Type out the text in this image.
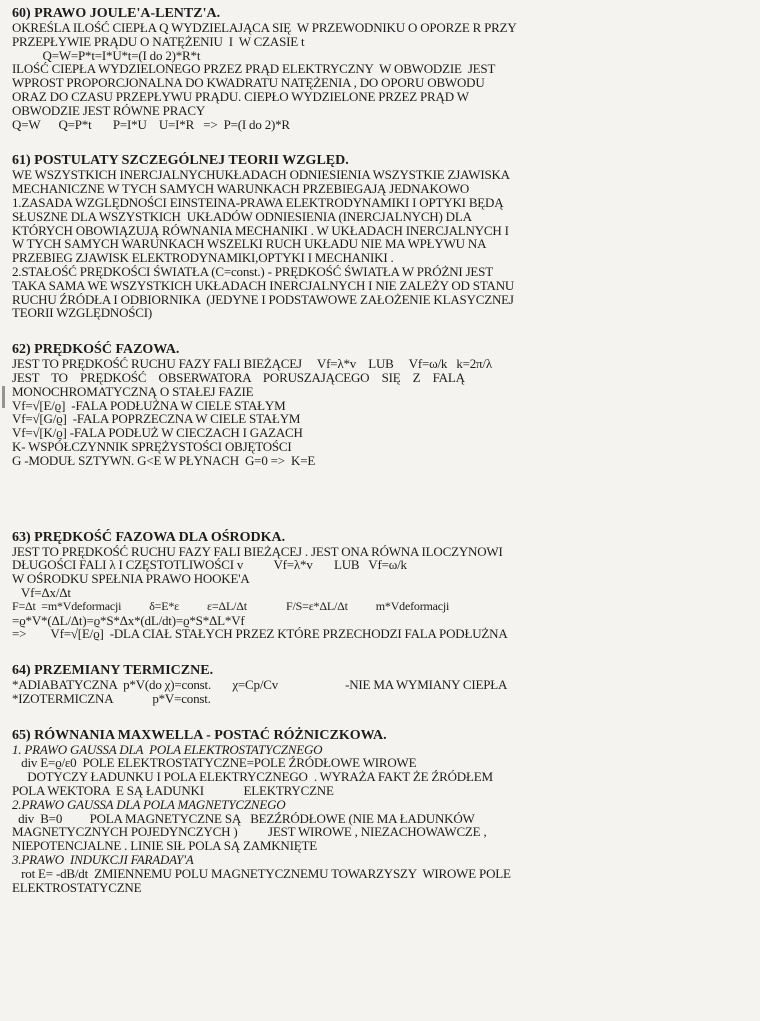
60) PRAWO JOULE'A-LENTZ'A.

OKREŚLA ILOŚĆ CIEPŁA Q WYDZIELAJĄCA SIĘ  W PRZEWODNIKU O OPORZE R PRZY

PRZEPŁYWIE PRĄDU O NATĘŻENIU  I  W CZASIE t

Q=W=P*t=I*U*t=(I do 2)*R*t

ILOŚĆ CIEPŁA WYDZIELONEGO PRZEZ PRĄD ELEKTRYCZNY  W OBWODZIE  JEST

WPROST PROPORCJONALNA DO KWADRATU NATĘŻENIA , DO OPORU OBWODU

ORAZ DO CZASU PRZEPŁYWU PRĄDU. CIEPŁO WYDZIELONE PRZEZ PRĄD W

OBWODZIE JEST RÓWNE PRACY

Q=W      Q=P*t       P=I*U    U=I*R   =>  P=(I do 2)*R

61) POSTULATY SZCZEGÓLNEJ TEORII WZGLĘD.

WE WSZYSTKICH INERCJALNYCHUKŁADACH ODNIESIENIA WSZYSTKIE ZJAWISKA

MECHANICZNE W TYCH SAMYCH WARUNKACH PRZEBIEGAJĄ JEDNAKOWO

1.ZASADA WZGLĘDNOŚCI EINSTEINA-PRAWA ELEKTRODYNAMIKI I OPTYKI BĘDĄ

SŁUSZNE DLA WSZYSTKICH  UKŁADÓW ODNIESIENIA (INERCJALNYCH) DLA

KTÓRYCH OBOWIĄZUJĄ RÓWNANIA MECHANIKI . W UKŁADACH INERCJALNYCH I

W TYCH SAMYCH WARUNKACH WSZELKI RUCH UKŁADU NIE MA WPŁYWU NA

PRZEBIEG ZJAWISK ELEKTRODYNAMIKI,OPTYKI I MECHANIKI .

2.STAŁOŚĆ PRĘDKOŚCI ŚWIATŁA (C=const.) - PRĘDKOŚĆ ŚWIATŁA W PRÓŻNI JEST

TAKA SAMA WE WSZYSTKICH UKŁADACH INERCJALNYCH I NIE ZALEŻY OD STANU

RUCHU ŹRÓDŁA I ODBIORNIKA  (JEDYNE I PODSTAWOWE ZAŁOŻENIE KLASYCZNEJ

TEORII WZGLĘDNOŚCI)

62) PRĘDKOŚĆ FAZOWA.

JEST TO PRĘDKOŚĆ RUCHU FAZY FALI BIEŻĄCEJ     Vf=λ*v    LUB     Vf=ω/k   k=2π/λ

JEST    TO    PRĘDKOŚĆ    OBSERWATORA    PORUSZAJĄCEGO    SIĘ    Z    FALĄ

MONOCHROMATYCZNĄ O STAŁEJ FAZIE

Vf=√[E/ϱ]  -FALA PODŁUŻNA W CIELE STAŁYM

Vf=√[G/ϱ]  -FALA POPRZECZNA W CIELE STAŁYM

Vf=√[K/ϱ] -FALA PODŁUŻ W CIECZACH I GAZACH

K- WSPÓŁCZYNNIK SPRĘŻYSTOŚCI OBJĘTOŚCI

G -MODUŁ SZTYWN. G<E W PŁYNACH  G=0 =>  K=E

63) PRĘDKOŚĆ FAZOWA DLA OŚRODKA.

JEST TO PRĘDKOŚĆ RUCHU FAZY FALI BIEŻĄCEJ . JEST ONA RÓWNA ILOCZYNOWI

DŁUGOŚCI FALI λ I CZĘSTOTLIWOŚCI v          Vf=λ*v       LUB   Vf=ω/k

W OŚRODKU SPEŁNIA PRAWO HOOKE'A

Vf=Δx/Δt

F=Δt  =m*Vdeformacji          δ=E*ε          ε=ΔL/Δt              F/S=ε*ΔL/Δt          m*Vdeformacji

=ϱ*V*(ΔL/Δt)=ϱ*S*Δx*(dL/dt)=ϱ*S*ΔL*Vf

=>        Vf=√[E/ϱ]  -DLA CIAŁ STAŁYCH PRZEZ KTÓRE PRZECHODZI FALA PODŁUŻNA

64) PRZEMIANY TERMICZNE.

*ADIABATYCZNA  p*V(do χ)=const.       χ=Cp/Cv                      -NIE MA WYMIANY CIEPŁA

*IZOTERMICZNA             p*V=const.

65) RÓWNANIA MAXWELLA - POSTAĆ RÓŻNICZKOWA.

1. PRAWO GAUSSA DLA  POLA ELEKTROSTATYCZNEGO

div E=ϱ/ε0  POLE ELEKTROSTATYCZNE=POLE ŹRÓDŁOWE WIROWE

DOTYCZY ŁADUNKU I POLA ELEKTRYCZNEGO  . WYRAŻA FAKT ŻE ŹRÓDŁEM

POLA WEKTORA  E SĄ ŁADUNKI             ELEKTRYCZNE

2.PRAWO GAUSSA DLA POLA MAGNETYCZNEGO

div  B=0         POLA MAGNETYCZNE SĄ   BEZŹRÓDŁOWE (NIE MA ŁADUNKÓW

MAGNETYCZNYCH POJEDYNCZYCH )          JEST WIROWE , NIEZACHOWAWCZE ,

NIEPOTENCJALNE . LINIE SIŁ POLA SĄ ZAMKNIĘTE

3.PRAWO  INDUKCJI FARADAY'A

rot E= -dB/dt  ZMIENNEMU POLU MAGNETYCZNEMU TOWARZYSZY  WIROWE POLE

ELEKTROSTATYCZNE
